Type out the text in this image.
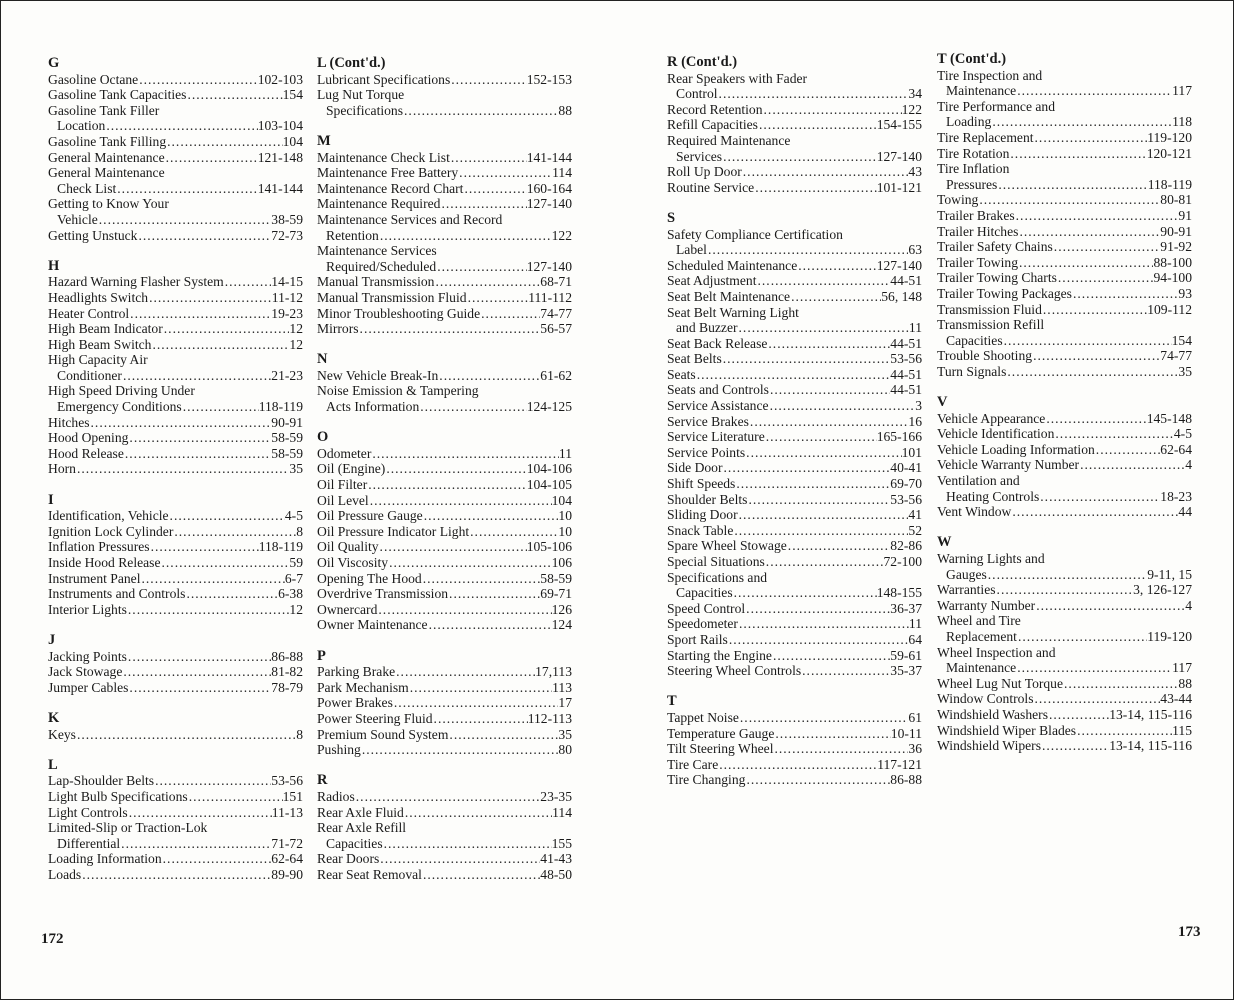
G
Gasoline Octane .....	102-103
Gasoline Tank Capacities .....	154
Gasoline Tank Filler
Location .....	103-104
Gasoline Tank Filling .....	104
General Maintenance .....	121-148
General Maintenance
Check List .....	141-144
Getting to Know Your
Vehicle .....	38-59
Getting Unstuck .....	72-73
H
Hazard Warning Flasher System .....	14-15
Headlights Switch .....	11-12
Heater Control .....	19-23
High Beam Indicator .....	12
High Beam Switch .....	12
High Capacity Air
Conditioner .....	21-23
High Speed Driving Under
Emergency Conditions .....	118-119
Hitches .....	90-91
Hood Opening .....	58-59
Hood Release .....	58-59
Horn .....	35
I
Identification, Vehicle .....	4-5
Ignition Lock Cylinder .....	8
Inflation Pressures .....	118-119
Inside Hood Release .....	59
Instrument Panel .....	6-7
Instruments and Controls .....	6-38
Interior Lights .....	12
J
Jacking Points .....	86-88
Jack Stowage .....	81-82
Jumper Cables .....	78-79
K
Keys .....	8
L
Lap-Shoulder Belts .....	53-56
Light Bulb Specifications .....	151
Light Controls .....	11-13
Limited-Slip or Traction-Lok
Differential .....	71-72
Loading Information .....	62-64
Loads .....	89-90
L (Cont'd.)
Lubricant Specifications .....	152-153
Lug Nut Torque
Specifications .....	88
M
Maintenance Check List .....	141-144
Maintenance Free Battery .....	114
Maintenance Record Chart .....	160-164
Maintenance Required .....	127-140
Maintenance Services and Record
Retention .....	122
Maintenance Services
Required/Scheduled .....	127-140
Manual Transmission .....	68-71
Manual Transmission Fluid .....	111-112
Minor Troubleshooting Guide .....	74-77
Mirrors .....	56-57
N
New Vehicle Break-In .....	61-62
Noise Emission & Tampering
Acts Information .....	124-125
O
Odometer .....	11
Oil (Engine) .....	104-106
Oil Filter .....	104-105
Oil Level .....	104
Oil Pressure Gauge .....	10
Oil Pressure Indicator Light .....	10
Oil Quality .....	105-106
Oil Viscosity .....	106
Opening The Hood .....	58-59
Overdrive Transmission .....	69-71
Ownercard .....	126
Owner Maintenance .....	124
P
Parking Brake .....	17,113
Park Mechanism .....	113
Power Brakes .....	17
Power Steering Fluid .....	112-113
Premium Sound System .....	35
Pushing .....	80
R
Radios .....	23-35
Rear Axle Fluid .....	114
Rear Axle Refill
Capacities .....	155
Rear Doors .....	41-43
Rear Seat Removal .....	48-50
172
R (Cont'd.)
Rear Speakers with Fader
Control .....	34
Record Retention .....	122
Refill Capacities .....	154-155
Required Maintenance
Services .....	127-140
Roll Up Door .....	43
Routine Service .....	101-121
S
Safety Compliance Certification
Label .....	63
Scheduled Maintenance .....	127-140
Seat Adjustment .....	44-51
Seat Belt Maintenance .....	56, 148
Seat Belt Warning Light
and Buzzer .....	11
Seat Back Release .....	44-51
Seat Belts .....	53-56
Seats .....	44-51
Seats and Controls .....	44-51
Service Assistance .....	3
Service Brakes .....	16
Service Literature .....	165-166
Service Points .....	101
Side Door .....	40-41
Shift Speeds .....	69-70
Shoulder Belts .....	53-56
Sliding Door .....	41
Snack Table .....	52
Spare Wheel Stowage .....	82-86
Special Situations .....	72-100
Specifications and
Capacities .....	148-155
Speed Control .....	36-37
Speedometer .....	11
Sport Rails .....	64
Starting the Engine .....	59-61
Steering Wheel Controls .....	35-37
T
Tappet Noise .....	61
Temperature Gauge .....	10-11
Tilt Steering Wheel .....	36
Tire Care .....	117-121
Tire Changing .....	86-88
T (Cont'd.)
Tire Inspection and
Maintenance .....	117
Tire Performance and
Loading .....	118
Tire Replacement .....	119-120
Tire Rotation .....	120-121
Tire Inflation
Pressures .....	118-119
Towing .....	80-81
Trailer Brakes .....	91
Trailer Hitches .....	90-91
Trailer Safety Chains .....	91-92
Trailer Towing .....	88-100
Trailer Towing Charts .....	94-100
Trailer Towing Packages .....	93
Transmission Fluid .....	109-112
Transmission Refill
Capacities .....	154
Trouble Shooting .....	74-77
Turn Signals .....	35
V
Vehicle Appearance .....	145-148
Vehicle Identification .....	4-5
Vehicle Loading Information .....	62-64
Vehicle Warranty Number .....	4
Ventilation and
Heating Controls .....	18-23
Vent Window .....	44
W
Warning Lights and
Gauges .....	9-11, 15
Warranties .....	3, 126-127
Warranty Number .....	4
Wheel and Tire
Replacement .....	119-120
Wheel Inspection and
Maintenance .....	117
Wheel Lug Nut Torque .....	88
Window Controls .....	43-44
Windshield Washers .....	13-14, 115-116
Windshield Wiper Blades .....	115
Windshield Wipers .....	13-14, 115-116
173
